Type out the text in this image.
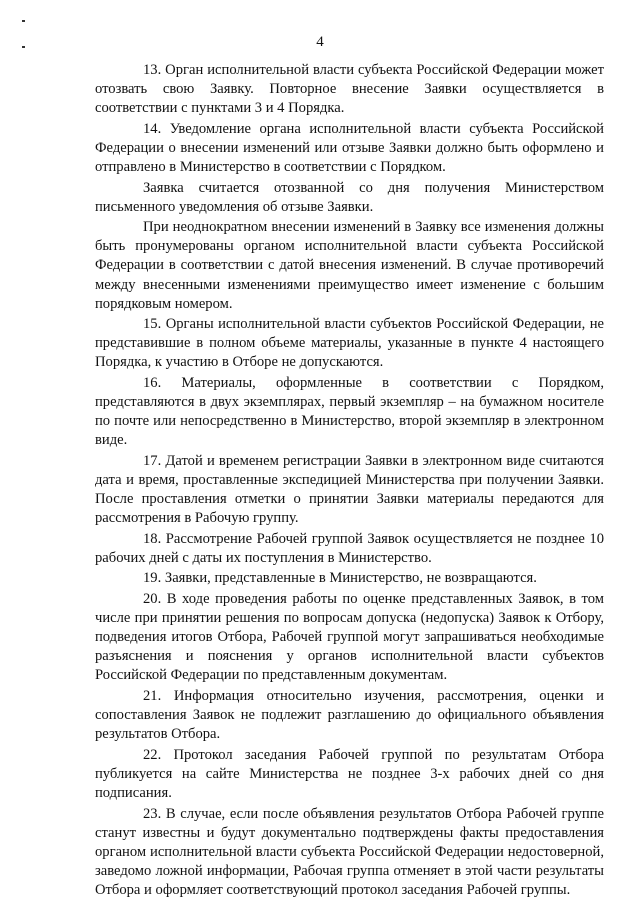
4

13. Орган исполнительной власти субъекта Российской Федерации может отозвать свою Заявку. Повторное внесение Заявки осуществляется в соответствии с пунктами 3 и 4 Порядка.

14. Уведомление органа исполнительной власти субъекта Российской Федерации о внесении изменений или отзыве Заявки должно быть оформлено и отправлено в Министерство в соответствии с Порядком.

Заявка считается отозванной со дня получения Министерством письменного уведомления об отзыве Заявки.

При неоднократном внесении изменений в Заявку все изменения должны быть пронумерованы органом исполнительной власти субъекта Российской Федерации в соответствии с датой внесения изменений. В случае противоречий между внесенными изменениями преимущество имеет изменение с большим порядковым номером.

15. Органы исполнительной власти субъектов Российской Федерации, не представившие в полном объеме материалы, указанные в пункте 4 настоящего Порядка, к участию в Отборе не допускаются.

16. Материалы, оформленные в соответствии с Порядком, представляются в двух экземплярах, первый экземпляр – на бумажном носителе по почте или непосредственно в Министерство, второй экземпляр в электронном виде.

17. Датой и временем регистрации Заявки в электронном виде считаются дата и время, проставленные экспедицией Министерства при получении Заявки. После проставления отметки о принятии Заявки материалы передаются для рассмотрения в Рабочую группу.

18. Рассмотрение Рабочей группой Заявок осуществляется не позднее 10 рабочих дней с даты их поступления в Министерство.

19. Заявки, представленные в Министерство, не возвращаются.

20. В ходе проведения работы по оценке представленных Заявок, в том числе при принятии решения по вопросам допуска (недопуска) Заявок к Отбору, подведения итогов Отбора, Рабочей группой могут запрашиваться необходимые разъяснения и пояснения у органов исполнительной власти субъектов Российской Федерации по представленным документам.

21. Информация относительно изучения, рассмотрения, оценки и сопоставления Заявок не подлежит разглашению до официального объявления результатов Отбора.

22. Протокол заседания Рабочей группой по результатам Отбора публикуется на сайте Министерства не позднее 3-х рабочих дней со дня подписания.

23. В случае, если после объявления результатов Отбора Рабочей группе станут известны и будут документально подтверждены факты предоставления органом исполнительной власти субъекта Российской Федерации недостоверной, заведомо ложной информации, Рабочая группа отменяет в этой части результаты Отбора и оформляет соответствующий протокол заседания Рабочей группы.
